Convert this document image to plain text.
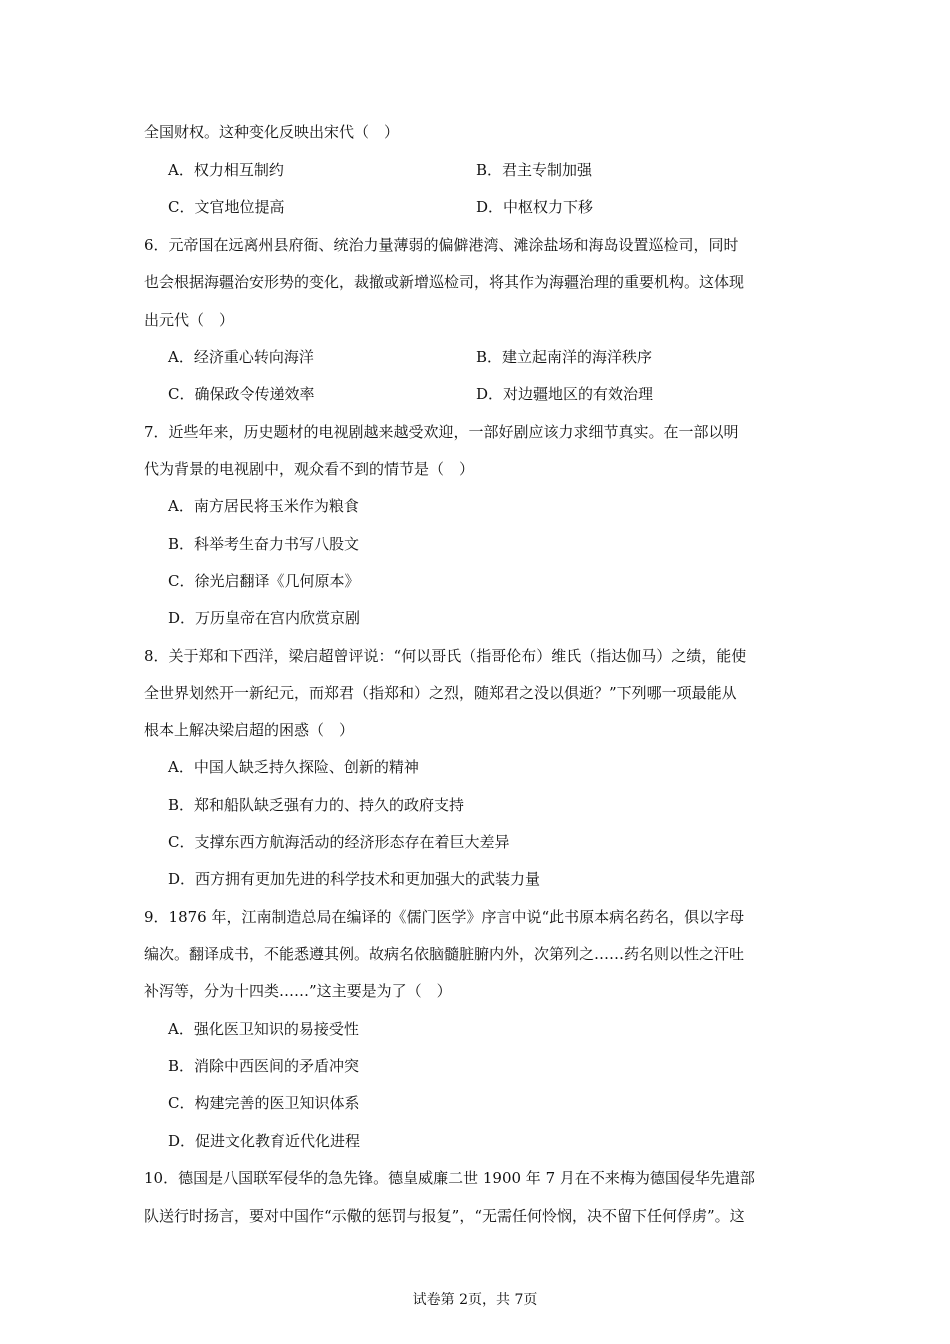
全国财权。这种变化反映出宋代（　）
A．权力相互制约	B．君主专制加强
C．文官地位提高	D．中枢权力下移
6．元帝国在远离州县府衙、统治力量薄弱的偏僻港湾、滩涂盐场和海岛设置巡检司，同时
也会根据海疆治安形势的变化，裁撤或新增巡检司，将其作为海疆治理的重要机构。这体现
出元代（　）
A．经济重心转向海洋	B．建立起南洋的海洋秩序
C．确保政令传递效率	D．对边疆地区的有效治理
7．近些年来，历史题材的电视剧越来越受欢迎，一部好剧应该力求细节真实。在一部以明
代为背景的电视剧中，观众看不到的情节是（　）
A．南方居民将玉米作为粮食
B．科举考生奋力书写八股文
C．徐光启翻译《几何原本》
D．万历皇帝在宫内欣赏京剧
8．关于郑和下西洋，梁启超曾评说：“何以哥氏（指哥伦布）维氏（指达伽马）之绩，能使
全世界划然开一新纪元，而郑君（指郑和）之烈，随郑君之没以俱逝？”下列哪一项最能从
根本上解决梁启超的困惑（　）
A．中国人缺乏持久探险、创新的精神
B．郑和船队缺乏强有力的、持久的政府支持
C．支撑东西方航海活动的经济形态存在着巨大差异
D．西方拥有更加先进的科学技术和更加强大的武装力量
9．1876 年，江南制造总局在编译的《儒门医学》序言中说“此书原本病名药名，俱以字母
编次。翻译成书，不能悉遵其例。故病名依脑髓脏腑内外，次第列之……药名则以性之汗吐
补泻等，分为十四类……”这主要是为了（　）
A．强化医卫知识的易接受性
B．消除中西医间的矛盾冲突
C．构建完善的医卫知识体系
D．促进文化教育近代化进程
10．德国是八国联军侵华的急先锋。德皇威廉二世 1900 年 7 月在不来梅为德国侵华先遣部
队送行时扬言，要对中国作“示儆的惩罚与报复”，“无需任何怜悯，决不留下任何俘虏”。这
试卷第 2页，共 7页
